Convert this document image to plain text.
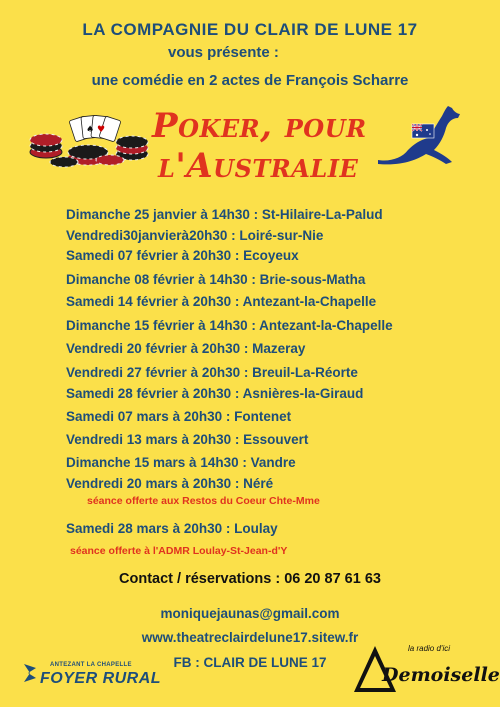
LA COMPAGNIE DU CLAIR DE LUNE 17
vous présente :
une comédie en 2 actes de François Scharre
♠ ♥ Poker, pour
l'Australie
Dimanche 25 janvier à 14h30 : St-Hilaire-La-Palud
Vendredi30janvierà20h30 : Loiré-sur-Nie
Samedi 07 février à 20h30 : Ecoyeux
Dimanche 08 février à 14h30 : Brie-sous-Matha
Samedi 14 février à 20h30 : Antezant-la-Chapelle
Dimanche 15 février à 14h30 : Antezant-la-Chapelle
Vendredi 20 février à 20h30 : Mazeray
Vendredi 27 février à 20h30 : Breuil-La-Réorte
Samedi 28 février à 20h30 : Asnières-la-Giraud
Samedi 07 mars à 20h30 : Fontenet
Vendredi 13 mars à 20h30 : Essouvert
Dimanche 15 mars à 14h30 : Vandre
Vendredi 20 mars à 20h30 : Néré
séance offerte aux Restos du Coeur Chte-Mme
Samedi 28 mars à 20h30 : Loulay
séance offerte à l'ADMR Loulay-St-Jean-d'Y
Contact / réservations : 06 20 87 61 63
moniquejaunas@gmail.com
www.theatreclairdelune17.sitew.fr
FB : CLAIR DE LUNE 17
ANTEZANT LA CHAPELLE
FOYER RURAL
la radio d'ici
Demoiselle
